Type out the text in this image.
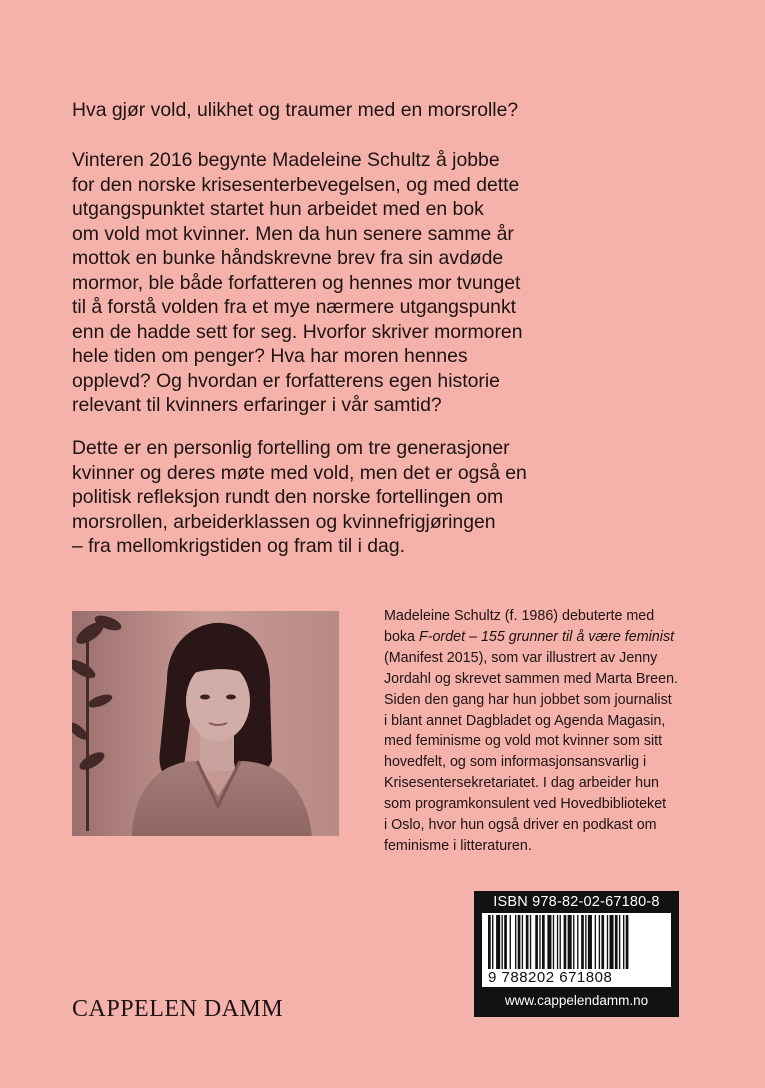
Hva gjør vold, ulikhet og traumer med en morsrolle?

Vinteren 2016 begynte Madeleine Schultz å jobbe
for den norske krisesenterbevegelsen, og med dette
utgangspunktet startet hun arbeidet med en bok
om vold mot kvinner. Men da hun senere samme år
mottok en bunke håndskrevne brev fra sin avdøde
mormor, ble både forfatteren og hennes mor tvunget
til å forstå volden fra et mye nærmere utgangspunkt
enn de hadde sett for seg. Hvorfor skriver mormoren
hele tiden om penger? Hva har moren hennes
opplevd? Og hvordan er forfatterens egen historie
relevant til kvinners erfaringer i vår samtid?
Dette er en personlig fortelling om tre generasjoner
kvinner og deres møte med vold, men det er også en
politisk refleksjon rundt den norske fortellingen om
morsrollen, arbeiderklassen og kvinnefrigjøringen
– fra mellomkrigstiden og fram til i dag.
Madeleine Schultz (f. 1986) debuterte med
boka F-ordet – 155 grunner til å være feminist
(Manifest 2015), som var illustrert av Jenny
Jordahl og skrevet sammen med Marta Breen.
Siden den gang har hun jobbet som journalist
i blant annet Dagbladet og Agenda Magasin,
med feminisme og vold mot kvinner som sitt
hovedfelt, og som informasjonsansvarlig i
Krisesentersekretariatet. I dag arbeider hun
som programkonsulent ved Hovedbiblioteket
i Oslo, hvor hun også driver en podkast om
feminisme i litteraturen.
CAPPELEN DAMM
ISBN 978-82-02-67180-8
9 788202 671808
www.cappelendamm.no
